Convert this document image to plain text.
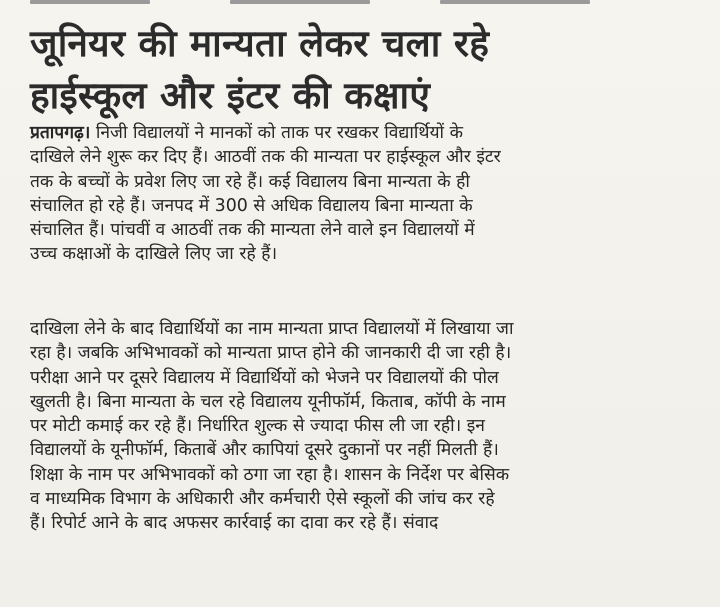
जूनियर की मान्यता लेकर चला रहे
हाईस्कूल और इंटर की कक्षाएं
प्रतापगढ़। निजी विद्यालयों ने मानकों को ताक पर रखकर विद्यार्थियों के
दाखिले लेने शुरू कर दिए हैं। आठवीं तक की मान्यता पर हाईस्कूल और इंटर
तक के बच्चों के प्रवेश लिए जा रहे हैं। कई विद्यालय बिना मान्यता के ही
संचालित हो रहे हैं। जनपद में 300 से अधिक विद्यालय बिना मान्यता के
संचालित हैं। पांचवीं व आठवीं तक की मान्यता लेने वाले इन विद्यालयों में
उच्च कक्षाओं के दाखिले लिए जा रहे हैं।
दाखिला लेने के बाद विद्यार्थियों का नाम मान्यता प्राप्त विद्यालयों में लिखाया जा
रहा है। जबकि अभिभावकों को मान्यता प्राप्त होने की जानकारी दी जा रही है।
परीक्षा आने पर दूसरे विद्यालय में विद्यार्थियों को भेजने पर विद्यालयों की पोल
खुलती है। बिना मान्यता के चल रहे विद्यालय यूनीफॉर्म, किताब, कॉपी के नाम
पर मोटी कमाई कर रहे हैं। निर्धारित शुल्क से ज्यादा फीस ली जा रही। इन
विद्यालयों के यूनीफॉर्म, किताबें और कापियां दूसरे दुकानों पर नहीं मिलती हैं।
शिक्षा के नाम पर अभिभावकों को ठगा जा रहा है। शासन के निर्देश पर बेसिक
व माध्यमिक विभाग के अधिकारी और कर्मचारी ऐसे स्कूलों की जांच कर रहे
हैं। रिपोर्ट आने के बाद अफसर कार्रवाई का दावा कर रहे हैं। संवाद
